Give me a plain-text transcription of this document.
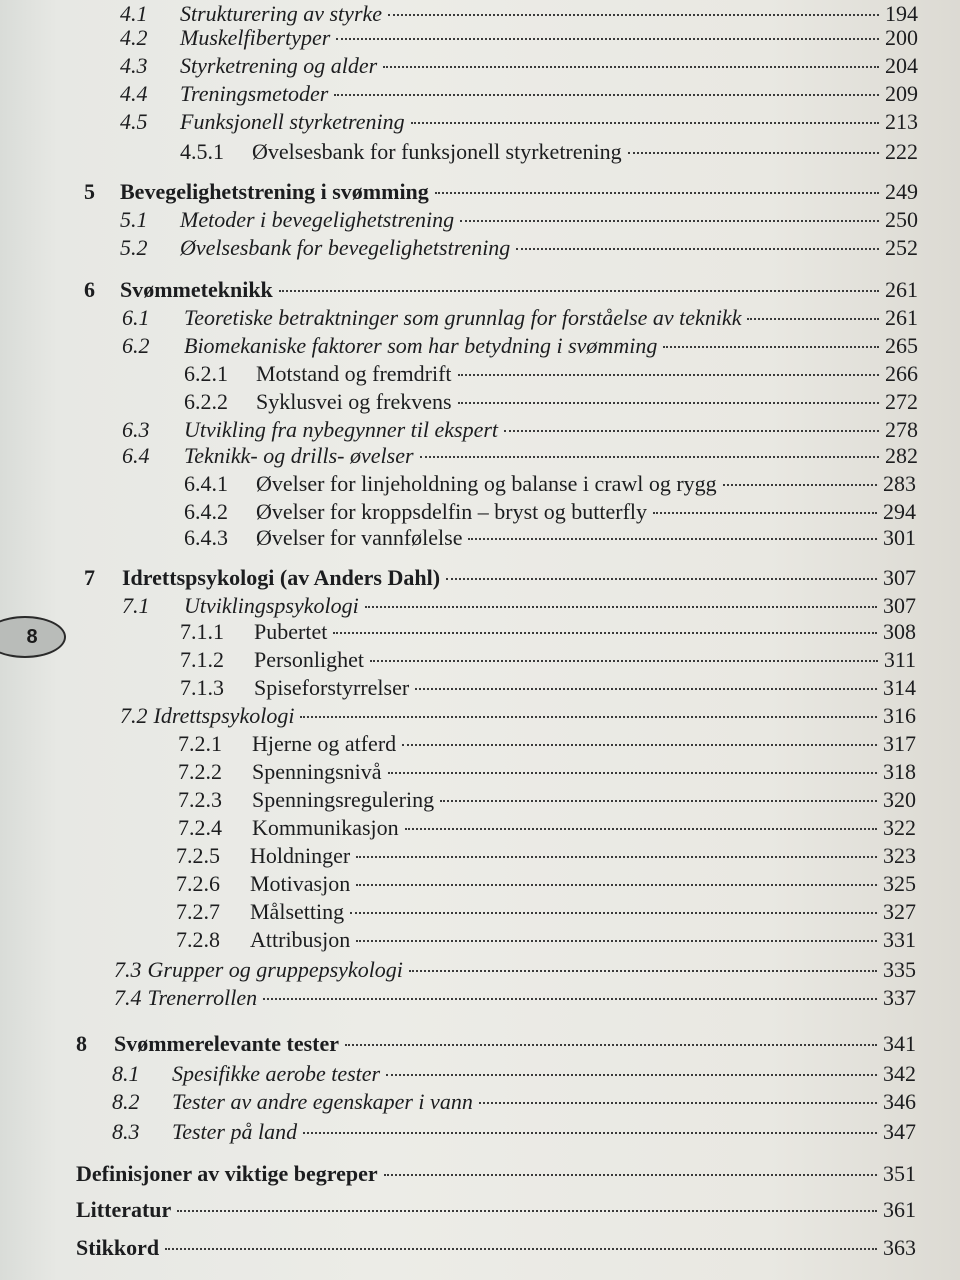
8
4.1	Strukturering av styrke	194
4.2	Muskelfibertyper	200
4.3	Styrketrening og alder	204
4.4	Treningsmetoder	209
4.5	Funksjonell styrketrening	213
4.5.1	Øvelsesbank for funksjonell styrketrening	222
5	Bevegelighetstrening i svømming	249
5.1	Metoder i bevegelighetstrening	250
5.2	Øvelsesbank for bevegelighetstrening	252
6	Svømmeteknikk	261
6.1	Teoretiske betraktninger som grunnlag for forståelse av teknikk	261
6.2	Biomekaniske faktorer som har betydning i svømming	265
6.2.1	Motstand og fremdrift	266
6.2.2	Syklusvei og frekvens	272
6.3	Utvikling fra nybegynner til ekspert	278
6.4	Teknikk- og drills- øvelser	282
6.4.1	Øvelser for linjeholdning og balanse i crawl og rygg	283
6.4.2	Øvelser for kroppsdelfin – bryst og butterfly	294
6.4.3	Øvelser for vannfølelse	301
7	Idrettspsykologi (av Anders Dahl)	307
7.1	Utviklingspsykologi	307
7.1.1	Pubertet	308
7.1.2	Personlighet	311
7.1.3	Spiseforstyrrelser	314
7.2 Idrettspsykologi	316
7.2.1	Hjerne og atferd	317
7.2.2	Spenningsnivå	318
7.2.3	Spenningsregulering	320
7.2.4	Kommunikasjon	322
7.2.5	Holdninger	323
7.2.6	Motivasjon	325
7.2.7	Målsetting	327
7.2.8	Attribusjon	331
7.3 Grupper og gruppepsykologi	335
7.4 Trenerrollen	337
8	Svømmerelevante tester	341
8.1	Spesifikke aerobe tester	342
8.2	Tester av andre egenskaper i vann	346
8.3	Tester på land	347
Definisjoner av viktige begreper	351
Litteratur	361
Stikkord	363
